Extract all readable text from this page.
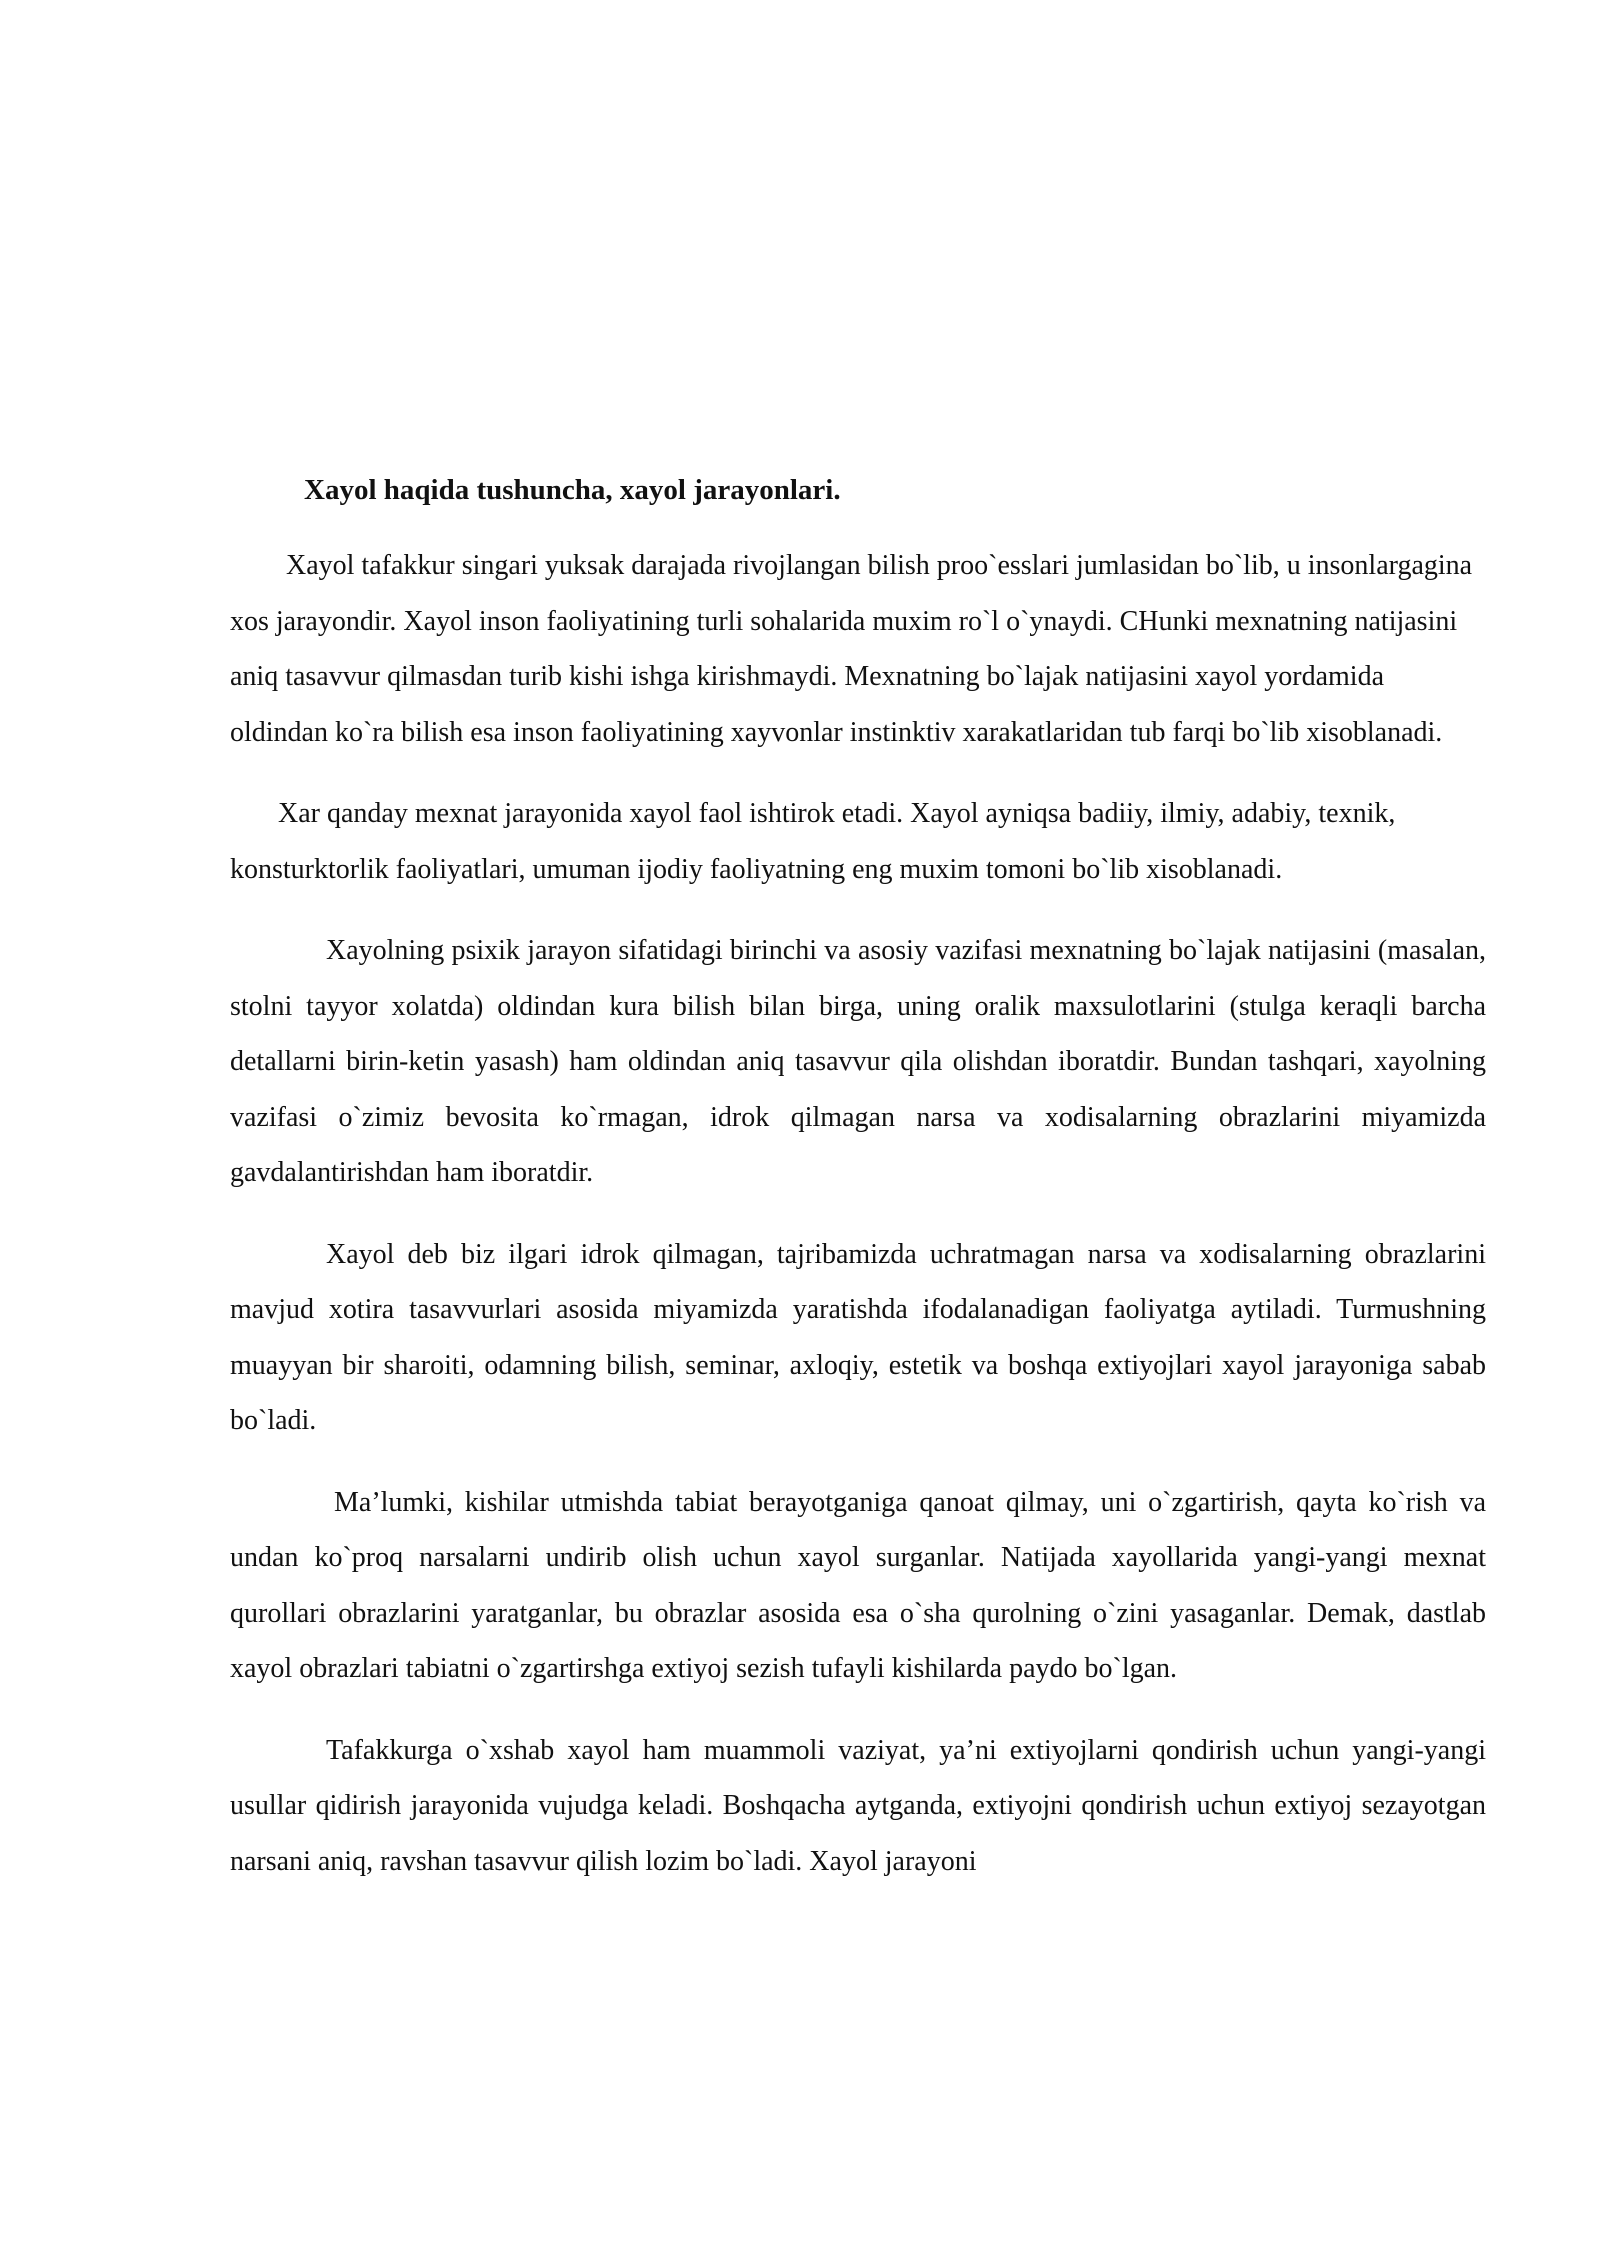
Xayol haqida tushuncha, xayol jarayonlari.

Xayol tafakkur singari yuksak darajada rivojlangan bilish proo`esslari jumlasidan bo`lib, u insonlargagina xos jarayondir. Xayol inson faoliyatining turli sohalarida muxim ro`l o`ynaydi. CHunki mexnatning natijasini aniq tasavvur qilmasdan turib kishi ishga kirishmaydi. Mexnatning bo`lajak natijasini xayol yordamida oldindan ko`ra bilish esa inson faoliyatining xayvonlar instinktiv xarakatlaridan tub farqi bo`lib xisoblanadi.

Xar qanday mexnat jarayonida xayol faol ishtirok etadi. Xayol ayniqsa badiiy, ilmiy, adabiy, texnik, konsturktorlik faoliyatlari, umuman ijodiy faoliyatning eng muxim tomoni bo`lib xisoblanadi.

Xayolning psixik jarayon sifatidagi birinchi va asosiy vazifasi mexnatning bo`lajak natijasini (masalan, stolni tayyor xolatda) oldindan kura bilish bilan birga, uning oralik maxsulotlarini (stulga keraqli barcha detallarni birin-ketin yasash) ham oldindan aniq tasavvur qila olishdan iboratdir. Bundan tashqari, xayolning vazifasi o`zimiz bevosita ko`rmagan, idrok qilmagan narsa va xodisalarning obrazlarini miyamizda gavdalantirishdan ham iboratdir.

Xayol deb biz ilgari idrok qilmagan, tajribamizda uchratmagan narsa va xodisalarning obrazlarini mavjud xotira tasavvurlari asosida miyamizda yaratishda ifodalanadigan faoliyatga aytiladi. Turmushning muayyan bir sharoiti, odamning bilish, seminar, axloqiy, estetik va boshqa extiyojlari xayol jarayoniga sabab bo`ladi.

Ma’lumki, kishilar utmishda tabiat berayotganiga qanoat qilmay, uni o`zgartirish, qayta ko`rish va undan ko`proq narsalarni undirib olish uchun xayol surganlar. Natijada xayollarida yangi-yangi mexnat qurollari obrazlarini yaratganlar, bu obrazlar asosida esa o`sha qurolning o`zini yasaganlar. Demak, dastlab xayol obrazlari tabiatni o`zgartirshga extiyoj sezish tufayli kishilarda paydo bo`lgan.

Tafakkurga o`xshab xayol ham muammoli vaziyat, ya’ni extiyojlarni qondirish uchun yangi-yangi usullar qidirish jarayonida vujudga keladi. Boshqacha aytganda, extiyojni qondirish uchun extiyoj sezayotgan narsani aniq, ravshan tasavvur qilish lozim bo`ladi. Xayol jarayoni
